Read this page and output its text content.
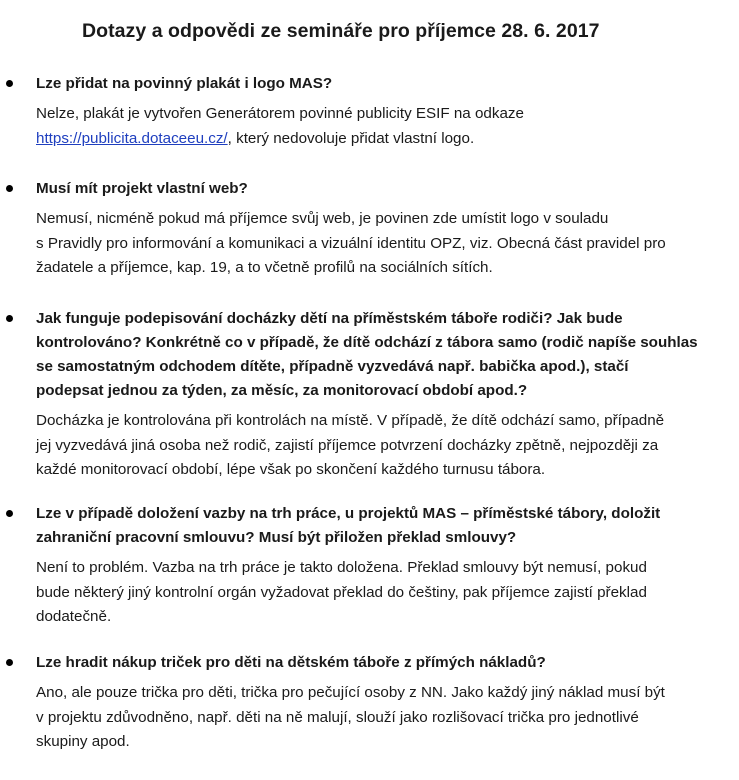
Dotazy a odpovědi ze semináře pro příjemce 28. 6. 2017

Lze přidat na povinný plakát i logo MAS?

Nelze, plakát je vytvořen Generátorem povinné publicity ESIF na odkaze
https://publicita.dotaceeu.cz/, který nedovoluje přidat vlastní logo.

Musí mít projekt vlastní web?

Nemusí, nicméně pokud má příjemce svůj web, je povinen zde umístit logo v souladu
s Pravidly pro informování a komunikaci a vizuální identitu OPZ, viz. Obecná část pravidel pro
žadatele a příjemce, kap. 19, a to včetně profilů na sociálních sítích.

Jak funguje podepisování docházky dětí na příměstském táboře rodiči? Jak bude
kontrolováno? Konkrétně co v případě, že dítě odchází z tábora samo (rodič napíše souhlas
se samostatným odchodem dítěte, případně vyzvedává např. babička apod.), stačí
podepsat jednou za týden, za měsíc, za monitorovací období apod.?

Docházka je kontrolována při kontrolách na místě. V případě, že dítě odchází samo, případně
jej vyzvedává jiná osoba než rodič, zajistí příjemce potvrzení docházky zpětně, nejpozději za
každé monitorovací období, lépe však po skončení každého turnusu tábora.

Lze v případě doložení vazby na trh práce, u projektů MAS – příměstské tábory, doložit
zahraniční pracovní smlouvu? Musí být přiložen překlad smlouvy?

Není to problém. Vazba na trh práce je takto doložena. Překlad smlouvy být nemusí, pokud
bude některý jiný kontrolní orgán vyžadovat překlad do češtiny, pak příjemce zajistí překlad
dodatečně.

Lze hradit nákup triček pro děti na dětském táboře z přímých nákladů?

Ano, ale pouze trička pro děti, trička pro pečující osoby z NN. Jako každý jiný náklad musí být
v projektu zdůvodněno, např. děti na ně malují, slouží jako rozlišovací trička pro jednotlivé
skupiny apod.
